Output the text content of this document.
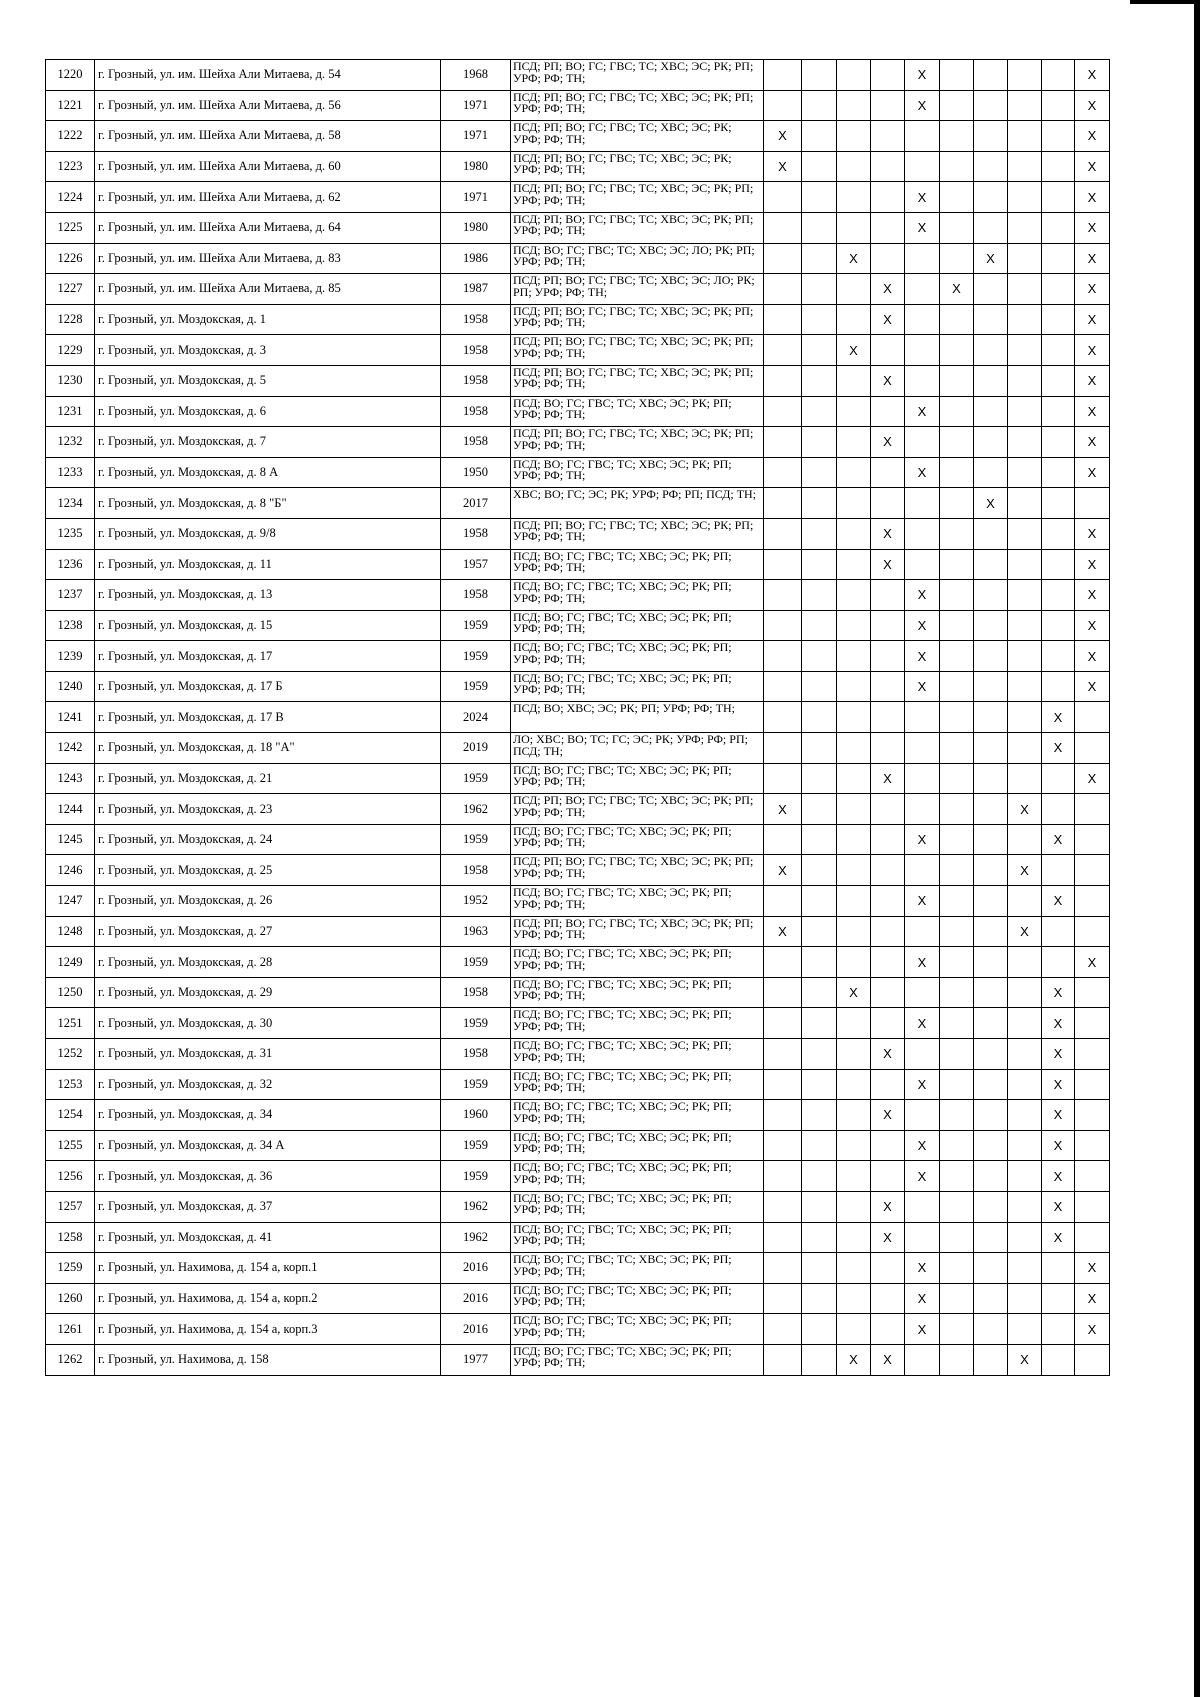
1220	г. Грозный, ул. им. Шейха Али Митаева, д. 54	1968	ПСД; РП; ВО; ГС; ГВС; ТС; ХВС; ЭС; РК; РП; УРФ; РФ; ТН;					X					X
1221	г. Грозный, ул. им. Шейха Али Митаева, д. 56	1971	ПСД; РП; ВО; ГС; ГВС; ТС; ХВС; ЭС; РК; РП; УРФ; РФ; ТН;					X					X
1222	г. Грозный, ул. им. Шейха Али Митаева, д. 58	1971	ПСД; РП; ВО; ГС; ГВС; ТС; ХВС; ЭС; РК; УРФ; РФ; ТН;	X									X
1223	г. Грозный, ул. им. Шейха Али Митаева, д. 60	1980	ПСД; РП; ВО; ГС; ГВС; ТС; ХВС; ЭС; РК; УРФ; РФ; ТН;	X									X
1224	г. Грозный, ул. им. Шейха Али Митаева, д. 62	1971	ПСД; РП; ВО; ГС; ГВС; ТС; ХВС; ЭС; РК; РП; УРФ; РФ; ТН;					X					X
1225	г. Грозный, ул. им. Шейха Али Митаева, д. 64	1980	ПСД; РП; ВО; ГС; ГВС; ТС; ХВС; ЭС; РК; РП; УРФ; РФ; ТН;					X					X
1226	г. Грозный, ул. им. Шейха Али Митаева, д. 83	1986	ПСД; ВО; ГС; ГВС; ТС; ХВС; ЭС; ЛО; РК; РП; УРФ; РФ; ТН;			X				X			X
1227	г. Грозный, ул. им. Шейха Али Митаева, д. 85	1987	ПСД; РП; ВО; ГС; ГВС; ТС; ХВС; ЭС; ЛО; РК; РП; УРФ; РФ; ТН;				X		X				X
1228	г. Грозный, ул. Моздокская, д. 1	1958	ПСД; РП; ВО; ГС; ГВС; ТС; ХВС; ЭС; РК; РП; УРФ; РФ; ТН;				X						X
1229	г. Грозный, ул. Моздокская, д. 3	1958	ПСД; РП; ВО; ГС; ГВС; ТС; ХВС; ЭС; РК; РП; УРФ; РФ; ТН;			X							X
1230	г. Грозный, ул. Моздокская, д. 5	1958	ПСД; РП; ВО; ГС; ГВС; ТС; ХВС; ЭС; РК; РП; УРФ; РФ; ТН;				X						X
1231	г. Грозный, ул. Моздокская, д. 6	1958	ПСД; ВО; ГС; ГВС; ТС; ХВС; ЭС; РК; РП; УРФ; РФ; ТН;					X					X
1232	г. Грозный, ул. Моздокская, д. 7	1958	ПСД; РП; ВО; ГС; ГВС; ТС; ХВС; ЭС; РК; РП; УРФ; РФ; ТН;				X						X
1233	г. Грозный, ул. Моздокская, д. 8 А	1950	ПСД; ВО; ГС; ГВС; ТС; ХВС; ЭС; РК; РП; УРФ; РФ; ТН;					X					X
1234	г. Грозный, ул. Моздокская, д. 8 "Б"	2017	ХВС; ВО; ГС; ЭС; РК; УРФ; РФ; РП; ПСД; ТН;							X			
1235	г. Грозный, ул. Моздокская, д. 9/8	1958	ПСД; РП; ВО; ГС; ГВС; ТС; ХВС; ЭС; РК; РП; УРФ; РФ; ТН;				X						X
1236	г. Грозный, ул. Моздокская, д. 11	1957	ПСД; ВО; ГС; ГВС; ТС; ХВС; ЭС; РК; РП; УРФ; РФ; ТН;				X						X
1237	г. Грозный, ул. Моздокская, д. 13	1958	ПСД; ВО; ГС; ГВС; ТС; ХВС; ЭС; РК; РП; УРФ; РФ; ТН;					X					X
1238	г. Грозный, ул. Моздокская, д. 15	1959	ПСД; ВО; ГС; ГВС; ТС; ХВС; ЭС; РК; РП; УРФ; РФ; ТН;					X					X
1239	г. Грозный, ул. Моздокская, д. 17	1959	ПСД; ВО; ГС; ГВС; ТС; ХВС; ЭС; РК; РП; УРФ; РФ; ТН;					X					X
1240	г. Грозный, ул. Моздокская, д. 17 Б	1959	ПСД; ВО; ГС; ГВС; ТС; ХВС; ЭС; РК; РП; УРФ; РФ; ТН;					X					X
1241	г. Грозный, ул. Моздокская, д. 17 В	2024	ПСД; ВО; ХВС; ЭС; РК; РП; УРФ; РФ; ТН;									X	
1242	г. Грозный, ул. Моздокская, д. 18 "А"	2019	ЛО; ХВС; ВО; ТС; ГС; ЭС; РК; УРФ; РФ; РП; ПСД; ТН;									X	
1243	г. Грозный, ул. Моздокская, д. 21	1959	ПСД; ВО; ГС; ГВС; ТС; ХВС; ЭС; РК; РП; УРФ; РФ; ТН;				X						X
1244	г. Грозный, ул. Моздокская, д. 23	1962	ПСД; РП; ВО; ГС; ГВС; ТС; ХВС; ЭС; РК; РП; УРФ; РФ; ТН;	X							X		
1245	г. Грозный, ул. Моздокская, д. 24	1959	ПСД; ВО; ГС; ГВС; ТС; ХВС; ЭС; РК; РП; УРФ; РФ; ТН;					X				X	
1246	г. Грозный, ул. Моздокская, д. 25	1958	ПСД; РП; ВО; ГС; ГВС; ТС; ХВС; ЭС; РК; РП; УРФ; РФ; ТН;	X							X		
1247	г. Грозный, ул. Моздокская, д. 26	1952	ПСД; ВО; ГС; ГВС; ТС; ХВС; ЭС; РК; РП; УРФ; РФ; ТН;					X				X	
1248	г. Грозный, ул. Моздокская, д. 27	1963	ПСД; РП; ВО; ГС; ГВС; ТС; ХВС; ЭС; РК; РП; УРФ; РФ; ТН;	X							X		
1249	г. Грозный, ул. Моздокская, д. 28	1959	ПСД; ВО; ГС; ГВС; ТС; ХВС; ЭС; РК; РП; УРФ; РФ; ТН;					X					X
1250	г. Грозный, ул. Моздокская, д. 29	1958	ПСД; ВО; ГС; ГВС; ТС; ХВС; ЭС; РК; РП; УРФ; РФ; ТН;			X						X	
1251	г. Грозный, ул. Моздокская, д. 30	1959	ПСД; ВО; ГС; ГВС; ТС; ХВС; ЭС; РК; РП; УРФ; РФ; ТН;					X				X	
1252	г. Грозный, ул. Моздокская, д. 31	1958	ПСД; ВО; ГС; ГВС; ТС; ХВС; ЭС; РК; РП; УРФ; РФ; ТН;				X					X	
1253	г. Грозный, ул. Моздокская, д. 32	1959	ПСД; ВО; ГС; ГВС; ТС; ХВС; ЭС; РК; РП; УРФ; РФ; ТН;					X				X	
1254	г. Грозный, ул. Моздокская, д. 34	1960	ПСД; ВО; ГС; ГВС; ТС; ХВС; ЭС; РК; РП; УРФ; РФ; ТН;				X					X	
1255	г. Грозный, ул. Моздокская, д. 34 А	1959	ПСД; ВО; ГС; ГВС; ТС; ХВС; ЭС; РК; РП; УРФ; РФ; ТН;					X				X	
1256	г. Грозный, ул. Моздокская, д. 36	1959	ПСД; ВО; ГС; ГВС; ТС; ХВС; ЭС; РК; РП; УРФ; РФ; ТН;					X				X	
1257	г. Грозный, ул. Моздокская, д. 37	1962	ПСД; ВО; ГС; ГВС; ТС; ХВС; ЭС; РК; РП; УРФ; РФ; ТН;				X					X	
1258	г. Грозный, ул. Моздокская, д. 41	1962	ПСД; ВО; ГС; ГВС; ТС; ХВС; ЭС; РК; РП; УРФ; РФ; ТН;				X					X	
1259	г. Грозный, ул. Нахимова, д. 154 а, корп.1	2016	ПСД; ВО; ГС; ГВС; ТС; ХВС; ЭС; РК; РП; УРФ; РФ; ТН;					X					X
1260	г. Грозный, ул. Нахимова, д. 154 а, корп.2	2016	ПСД; ВО; ГС; ГВС; ТС; ХВС; ЭС; РК; РП; УРФ; РФ; ТН;					X					X
1261	г. Грозный, ул. Нахимова, д. 154 а, корп.3	2016	ПСД; ВО; ГС; ГВС; ТС; ХВС; ЭС; РК; РП; УРФ; РФ; ТН;					X					X
1262	г. Грозный, ул. Нахимова, д. 158	1977	ПСД; ВО; ГС; ГВС; ТС; ХВС; ЭС; РК; РП; УРФ; РФ; ТН;			X	X				X		
